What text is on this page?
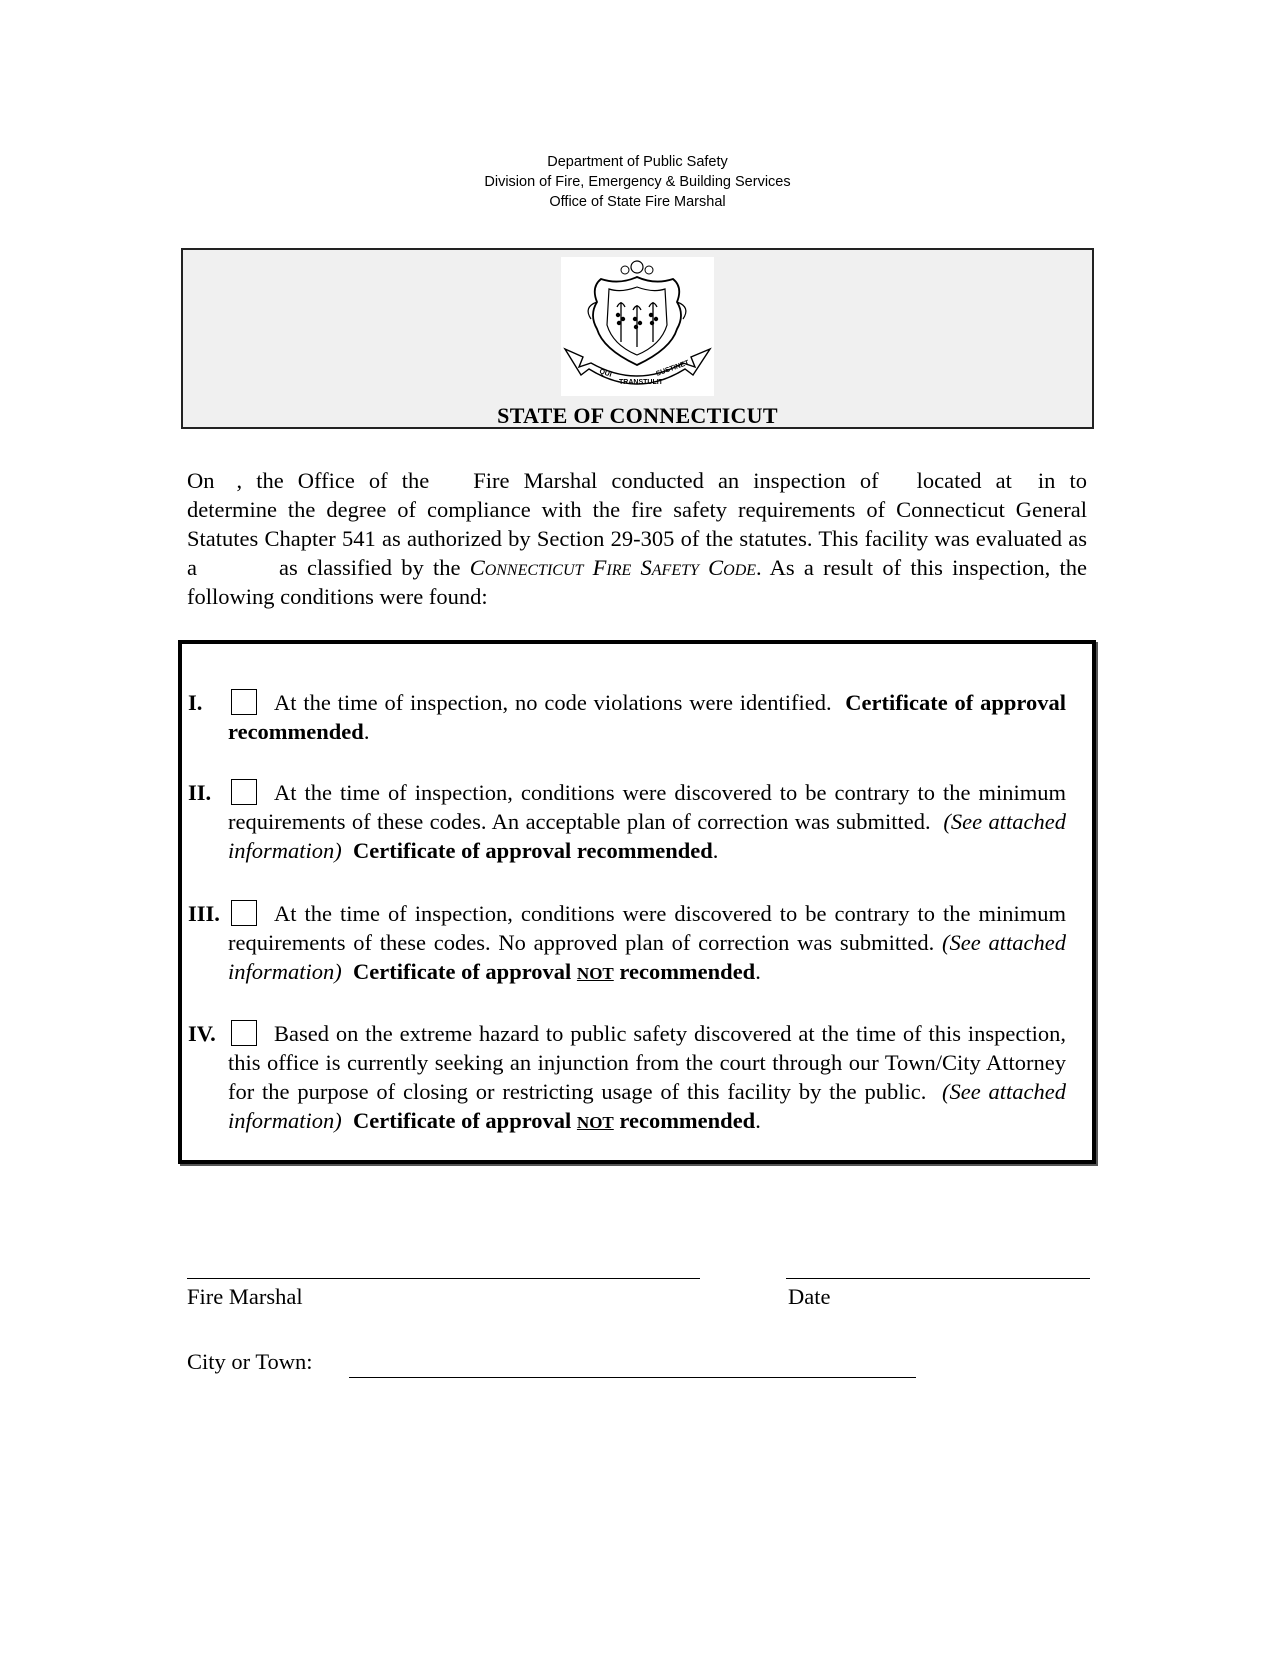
Department of Public Safety
Division of Fire, Emergency & Building Services
Office of State Fire Marshal
QUI
TRANSTULIT
SUSTINET
STATE OF CONNECTICUT
On , the Office of the Fire Marshal conducted an inspection of located at in to determine the degree of compliance with the fire safety requirements of Connecticut General Statutes Chapter 541 as authorized by Section 29-305 of the statutes. This facility was evaluated as a	as classified by the Connecticut Fire Safety Code. As a result of this inspection, the following conditions were found:
I.	At the time of inspection, no code violations were identified. Certificate of approval recommended.
II.	At the time of inspection, conditions were discovered to be contrary to the minimum requirements of these codes. An acceptable plan of correction was submitted. (See attached information) Certificate of approval recommended.
III.	At the time of inspection, conditions were discovered to be contrary to the minimum requirements of these codes. No approved plan of correction was submitted. (See attached information) Certificate of approval NOT recommended.
IV.	Based on the extreme hazard to public safety discovered at the time of this inspection, this office is currently seeking an injunction from the court through our Town/City Attorney for the purpose of closing or restricting usage of this facility by the public. (See attached information) Certificate of approval NOT recommended.
Fire Marshal	Date
City or Town:
